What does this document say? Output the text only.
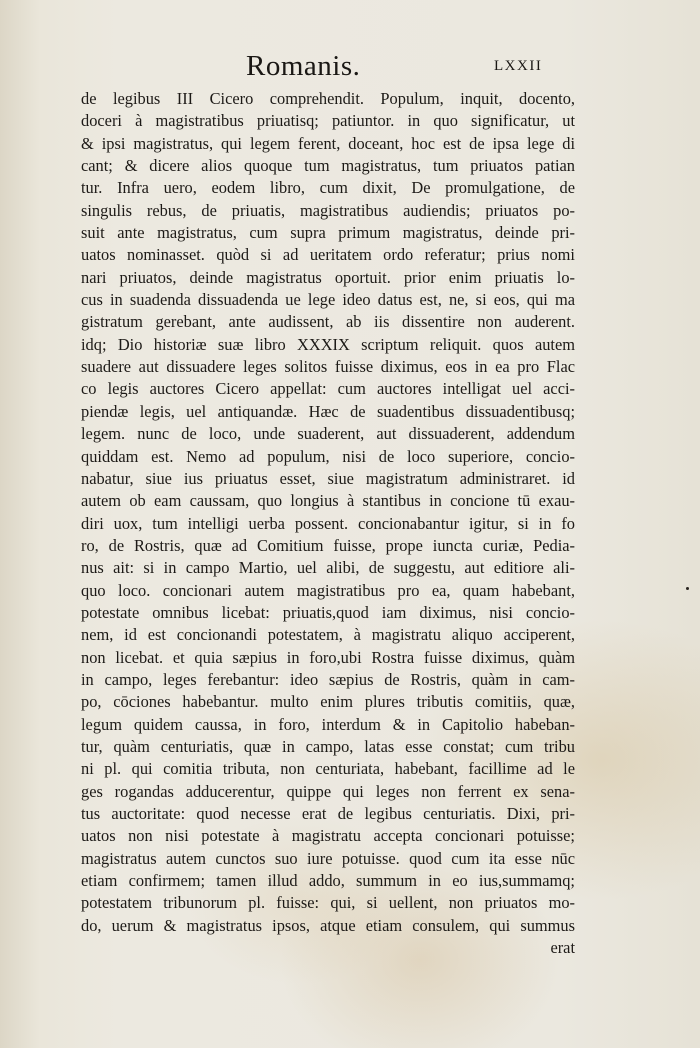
Romanis.	LXXII
de legibus III Cicero comprehendit. Populum, inquit, docento,
doceri à magistratibus priuatisq; patiuntor. in quo significatur, ut
& ipsi magistratus, qui legem ferent, doceant, hoc est de ipsa lege di
cant; & dicere alios quoque tum magistratus, tum priuatos patian
tur. Infra uero, eodem libro, cum dixit, De promulgatione, de
singulis rebus, de priuatis, magistratibus audiendis; priuatos po-
suit ante magistratus, cum supra primum magistratus, deinde pri-
uatos nominasset. quòd si ad ueritatem ordo referatur; prius nomi
nari priuatos, deinde magistratus oportuit. prior enim priuatis lo-
cus in suadenda dissuadenda ue lege ideo datus est, ne, si eos, qui ma
gistratum gerebant, ante audissent, ab iis dissentire non auderent.
idq; Dio historiæ suæ libro XXXIX scriptum reliquit. quos autem
suadere aut dissuadere leges solitos fuisse diximus, eos in ea pro Flac
co legis auctores Cicero appellat: cum auctores intelligat uel acci-
piendæ legis, uel antiquandæ. Hæc de suadentibus dissuadentibusq;
legem. nunc de loco, unde suaderent, aut dissuaderent, addendum
quiddam est. Nemo ad populum, nisi de loco superiore, concio-
nabatur, siue ius priuatus esset, siue magistratum administraret. id
autem ob eam caussam, quo longius à stantibus in concione tū exau-
diri uox, tum intelligi uerba possent. concionabantur igitur, si in fo
ro, de Rostris, quæ ad Comitium fuisse, prope iuncta curiæ, Pedia-
nus ait: si in campo Martio, uel alibi, de suggestu, aut editiore ali-
quo loco. concionari autem magistratibus pro ea, quam habebant,
potestate omnibus licebat: priuatis,quod iam diximus, nisi concio-
nem, id est concionandi potestatem, à magistratu aliquo acciperent,
non licebat. et quia sæpius in foro,ubi Rostra fuisse diximus, quàm
in campo, leges ferebantur: ideo sæpius de Rostris, quàm in cam-
po, cōciones habebantur. multo enim plures tributis comitiis, quæ,
legum quidem caussa, in foro, interdum & in Capitolio habeban-
tur, quàm centuriatis, quæ in campo, latas esse constat; cum tribu
ni pl. qui comitia tributa, non centuriata, habebant, facillime ad le
ges rogandas adducerentur, quippe qui leges non ferrent ex sena-
tus auctoritate: quod necesse erat de legibus centuriatis. Dixi, pri-
uatos non nisi potestate à magistratu accepta concionari potuisse;
magistratus autem cunctos suo iure potuisse. quod cum ita esse nūc
etiam confirmem; tamen illud addo, summum in eo ius,summamq;
potestatem tribunorum pl. fuisse: qui, si uellent, non priuatos mo-
do, uerum & magistratus ipsos, atque etiam consulem, qui summus
erat
